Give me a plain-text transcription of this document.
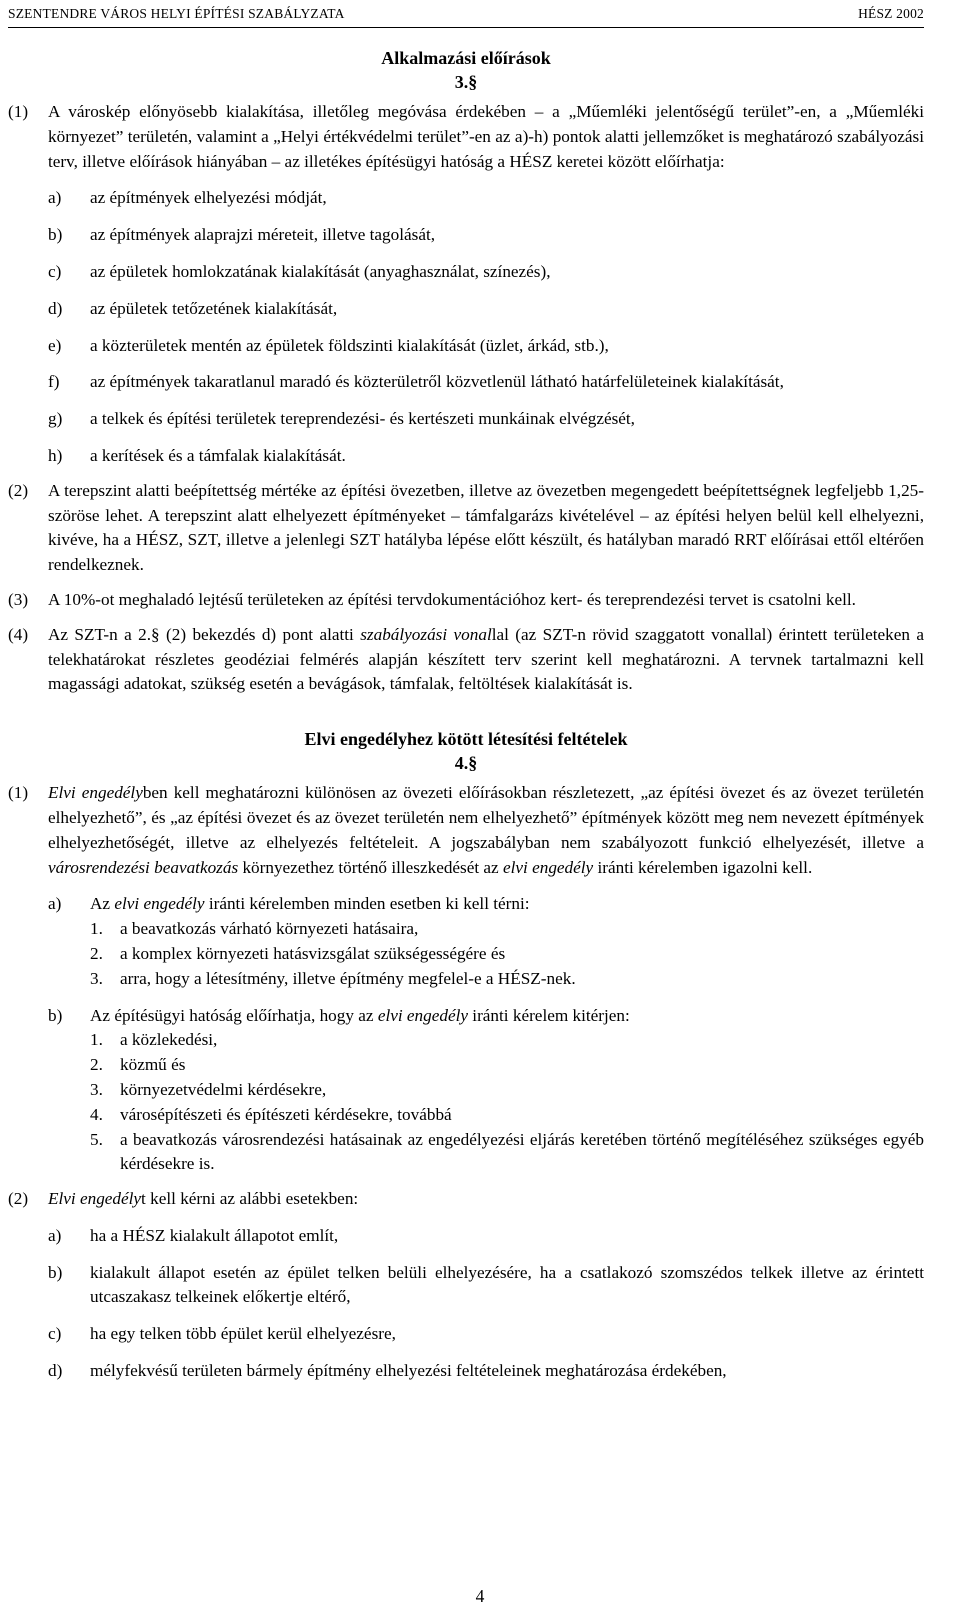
SZENTENDRE VÁROS HELYI ÉPÍTÉSI SZABÁLYZATA	HÉSZ 2002
Alkalmazási előírások
3.§
(1) A városkép előnyösebb kialakítása, illetőleg megóvása érdekében – a „Műemléki jelentőségű terület”-en, a „Műemléki környezet” területén, valamint a „Helyi értékvédelmi terület”-en az a)-h) pontok alatti jellemzőket is meghatározó szabályozási terv, illetve előírások hiányában – az illetékes építésügyi hatóság a HÉSZ keretei között előírhatja:
a) az építmények elhelyezési módját,
b) az építmények alaprajzi méreteit, illetve tagolását,
c) az épületek homlokzatának kialakítását (anyaghasználat, színezés),
d) az épületek tetőzetének kialakítását,
e) a közterületek mentén az épületek földszinti kialakítását (üzlet, árkád, stb.),
f) az építmények takaratlanul maradó és közterületről közvetlenül látható határfelületeinek kialakítását,
g) a telkek és építési területek tereprendezési- és kertészeti munkáinak elvégzését,
h) a kerítések és a támfalak kialakítását.
(2) A terepszint alatti beépítettség mértéke az építési övezetben, illetve az övezetben megengedett beépítettségnek legfeljebb 1,25-szöröse lehet. A terepszint alatt elhelyezett építményeket – támfalgarázs kivételével – az építési helyen belül kell elhelyezni, kivéve, ha a HÉSZ, SZT, illetve a jelenlegi SZT hatályba lépése előtt készült, és hatályban maradó RRT előírásai ettől eltérően rendelkeznek.
(3) A 10%-ot meghaladó lejtésű területeken az építési tervdokumentációhoz kert- és tereprendezési tervet is csatolni kell.
(4) Az SZT-n a 2.§ (2) bekezdés d) pont alatti szabályozási vonallal (az SZT-n rövid szaggatott vonallal) érintett területeken a telekhatárokat részletes geodéziai felmérés alapján készített terv szerint kell meghatározni. A tervnek tartalmazni kell magassági adatokat, szükség esetén a bevágások, támfalak, feltöltések kialakítását is.
Elvi engedélyhez kötött létesítési feltételek
4.§
(1) Elvi engedélyben kell meghatározni különösen az övezeti előírásokban részletezett, „az építési övezet és az övezet területén elhelyezhető”, és „az építési övezet és az övezet területén nem elhelyezhető” építmények között meg nem nevezett építmények elhelyezhetőségét, illetve az elhelyezés feltételeit. A jogszabályban nem szabályozott funkció elhelyezését, illetve a városrendezési beavatkozás környezethez történő illeszkedését az elvi engedély iránti kérelemben igazolni kell.
a) Az elvi engedély iránti kérelemben minden esetben ki kell térni:
1. a beavatkozás várható környezeti hatásaira,
2. a komplex környezeti hatásvizsgálat szükségességére és
3. arra, hogy a létesítmény, illetve építmény megfelel-e a HÉSZ-nek.
b) Az építésügyi hatóság előírhatja, hogy az elvi engedély iránti kérelem kitérjen:
1. a közlekedési,
2. közmű és
3. környezetvédelmi kérdésekre,
4. városépítészeti és építészeti kérdésekre, továbbá
5. a beavatkozás városrendezési hatásainak az engedélyezési eljárás keretében történő megítéléséhez szükséges egyéb kérdésekre is.
(2) Elvi engedélyt kell kérni az alábbi esetekben:
a) ha a HÉSZ kialakult állapotot említ,
b) kialakult állapot esetén az épület telken belüli elhelyezésére, ha a csatlakozó szomszédos telkek illetve az érintett utcaszakasz telkeinek előkertje eltérő,
c) ha egy telken több épület kerül elhelyezésre,
d) mélyfekvésű területen bármely építmény elhelyezési feltételeinek meghatározása érdekében,
4
